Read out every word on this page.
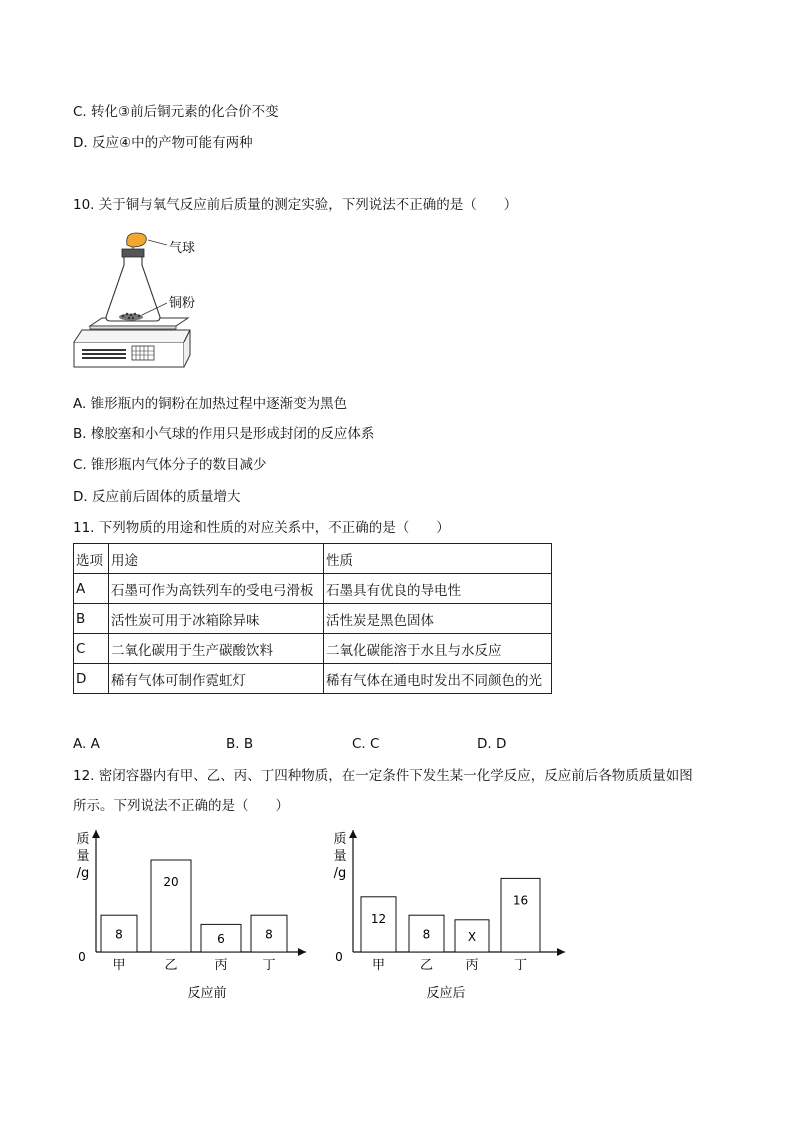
C. 转化③前后铜元素的化合价不变
D. 反应④中的产物可能有两种
10. 关于铜与氧气反应前后质量的测定实验，下列说法不正确的是（　　）
气球
铜粉
A. 锥形瓶内的铜粉在加热过程中逐渐变为黑色
B. 橡胶塞和小气球的作用只是形成封闭的反应体系
C. 锥形瓶内气体分子的数目减少
D. 反应前后固体的质量增大
11. 下列物质的用途和性质的对应关系中，不正确的是（　　）
选项	用途	性质
A	石墨可作为高铁列车的受电弓滑板	石墨具有优良的导电性
B	活性炭可用于冰箱除异味	活性炭是黑色固体
C	二氧化碳用于生产碳酸饮料	二氧化碳能溶于水且与水反应
D	稀有气体可制作霓虹灯	稀有气体在通电时发出不同颜色的光
A. A	B. B	C. C	D. D
12. 密闭容器内有甲、乙、丙、丁四种物质，在一定条件下发生某一化学反应，反应前后各物质质量如图
所示。下列说法不正确的是（　　）
质
量
/g
0
8
甲
20
乙
6
丙
8
丁
反应前
质
量
/g
0
12
甲
8
乙
X
丙
16
丁
反应后
